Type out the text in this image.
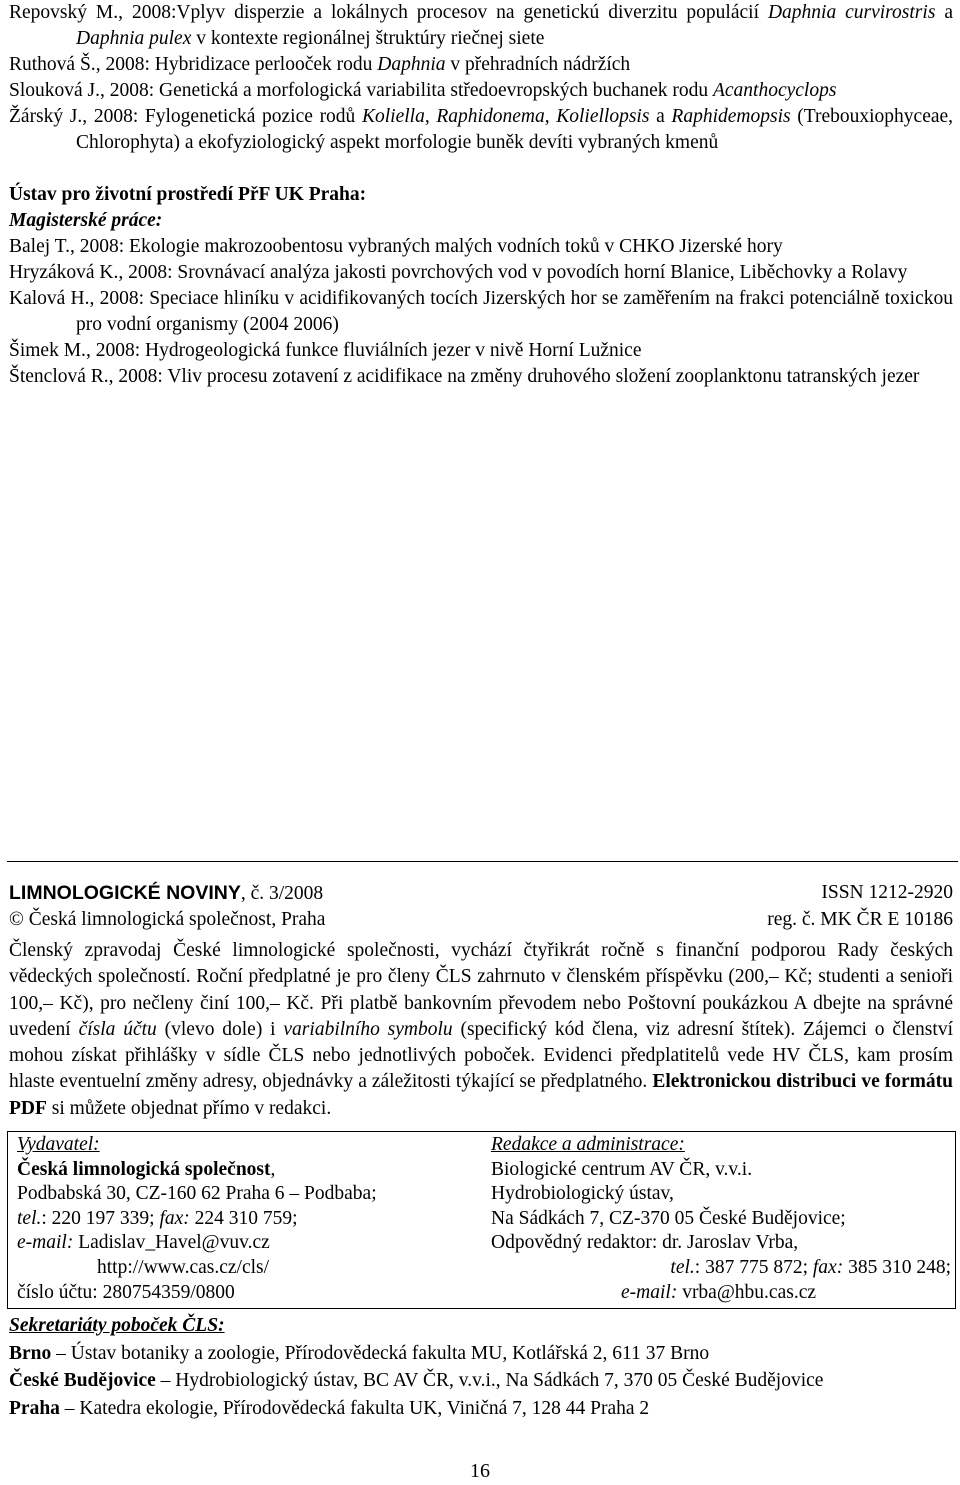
Repovský M., 2008:Vplyv disperzie a lokálnych procesov na genetickú diverzitu populácií Daphnia curvirostris a Daphnia pulex v kontexte regionálnej štruktúry riečnej siete

Ruthová Š., 2008: Hybridizace perlooček rodu Daphnia v přehradních nádržích

Slouková J., 2008: Genetická a morfologická variabilita středoevropských buchanek rodu Acanthocyclops

Žárský J., 2008: Fylogenetická pozice rodů Koliella, Raphidonema, Koliellopsis a Raphidemopsis (Trebouxiophyceae, Chlorophyta) a ekofyziologický aspekt morfologie buněk devíti vybraných kmenů

Ústav pro životní prostředí PřF UK Praha:
Magisterské práce:

Balej T., 2008: Ekologie makrozoobentosu vybraných malých vodních toků v CHKO Jizerské hory

Hryzáková K., 2008: Srovnávací analýza jakosti povrchových vod v povodích horní Blanice, Liběchovky a Rolavy

Kalová H., 2008: Speciace hliníku v acidifikovaných tocích Jizerských hor se zaměřením na frakci potenciálně toxickou pro vodní organismy (2004 2006)

Šimek M., 2008: Hydrogeologická funkce fluviálních jezer v nivě Horní Lužnice

Štenclová R., 2008: Vliv procesu zotavení z acidifikace na změny druhového složení zooplanktonu tatranských jezer

LIMNOLOGICKÉ NOVINY, č. 3/2008	ISSN 1212-2920
© Česká limnologická společnost, Praha	reg. č. MK ČR E 10186
Členský zpravodaj České limnologické společnosti, vychází čtyřikrát ročně s finanční podporou Rady českých vědeckých společností. Roční předplatné je pro členy ČLS zahrnuto v členském příspěvku (200,– Kč; studenti a senioři 100,– Kč), pro nečleny činí 100,– Kč. Při platbě bankovním převodem nebo Poštovní poukázkou A dbejte na správné uvedení čísla účtu (vlevo dole) i variabilního symbolu (specifický kód člena, viz adresní štítek). Zájemci o členství mohou získat přihlášky v sídle ČLS nebo jednotlivých poboček. Evidenci předplatitelů vede HV ČLS, kam prosím hlaste eventuelní změny adresy, objednávky a záležitosti týkající se předplatného. Elektronickou distribuci ve formátu PDF si můžete objednat přímo v redakci.
Vydavatel:
Česká limnologická společnost,
Podbabská 30, CZ-160 62 Praha 6 – Podbaba;
tel.: 220 197 339; fax: 224 310 759;
e-mail: Ladislav_Havel@vuv.cz
http://www.cas.cz/cls/
číslo účtu: 280754359/0800
Redakce a administrace:
Biologické centrum AV ČR, v.v.i.
Hydrobiologický ústav,
Na Sádkách 7, CZ-370 05 České Budějovice;
Odpovědný redaktor: dr. Jaroslav Vrba,
tel.: 387 775 872; fax: 385 310 248;
e-mail: vrba@hbu.cas.cz
Sekretariáty poboček ČLS:
Brno – Ústav botaniky a zoologie, Přírodovědecká fakulta MU, Kotlářská 2, 611 37 Brno
České Budějovice – Hydrobiologický ústav, BC AV ČR, v.v.i., Na Sádkách 7, 370 05 České Budějovice
Praha – Katedra ekologie, Přírodovědecká fakulta UK, Viničná 7, 128 44 Praha 2
16
